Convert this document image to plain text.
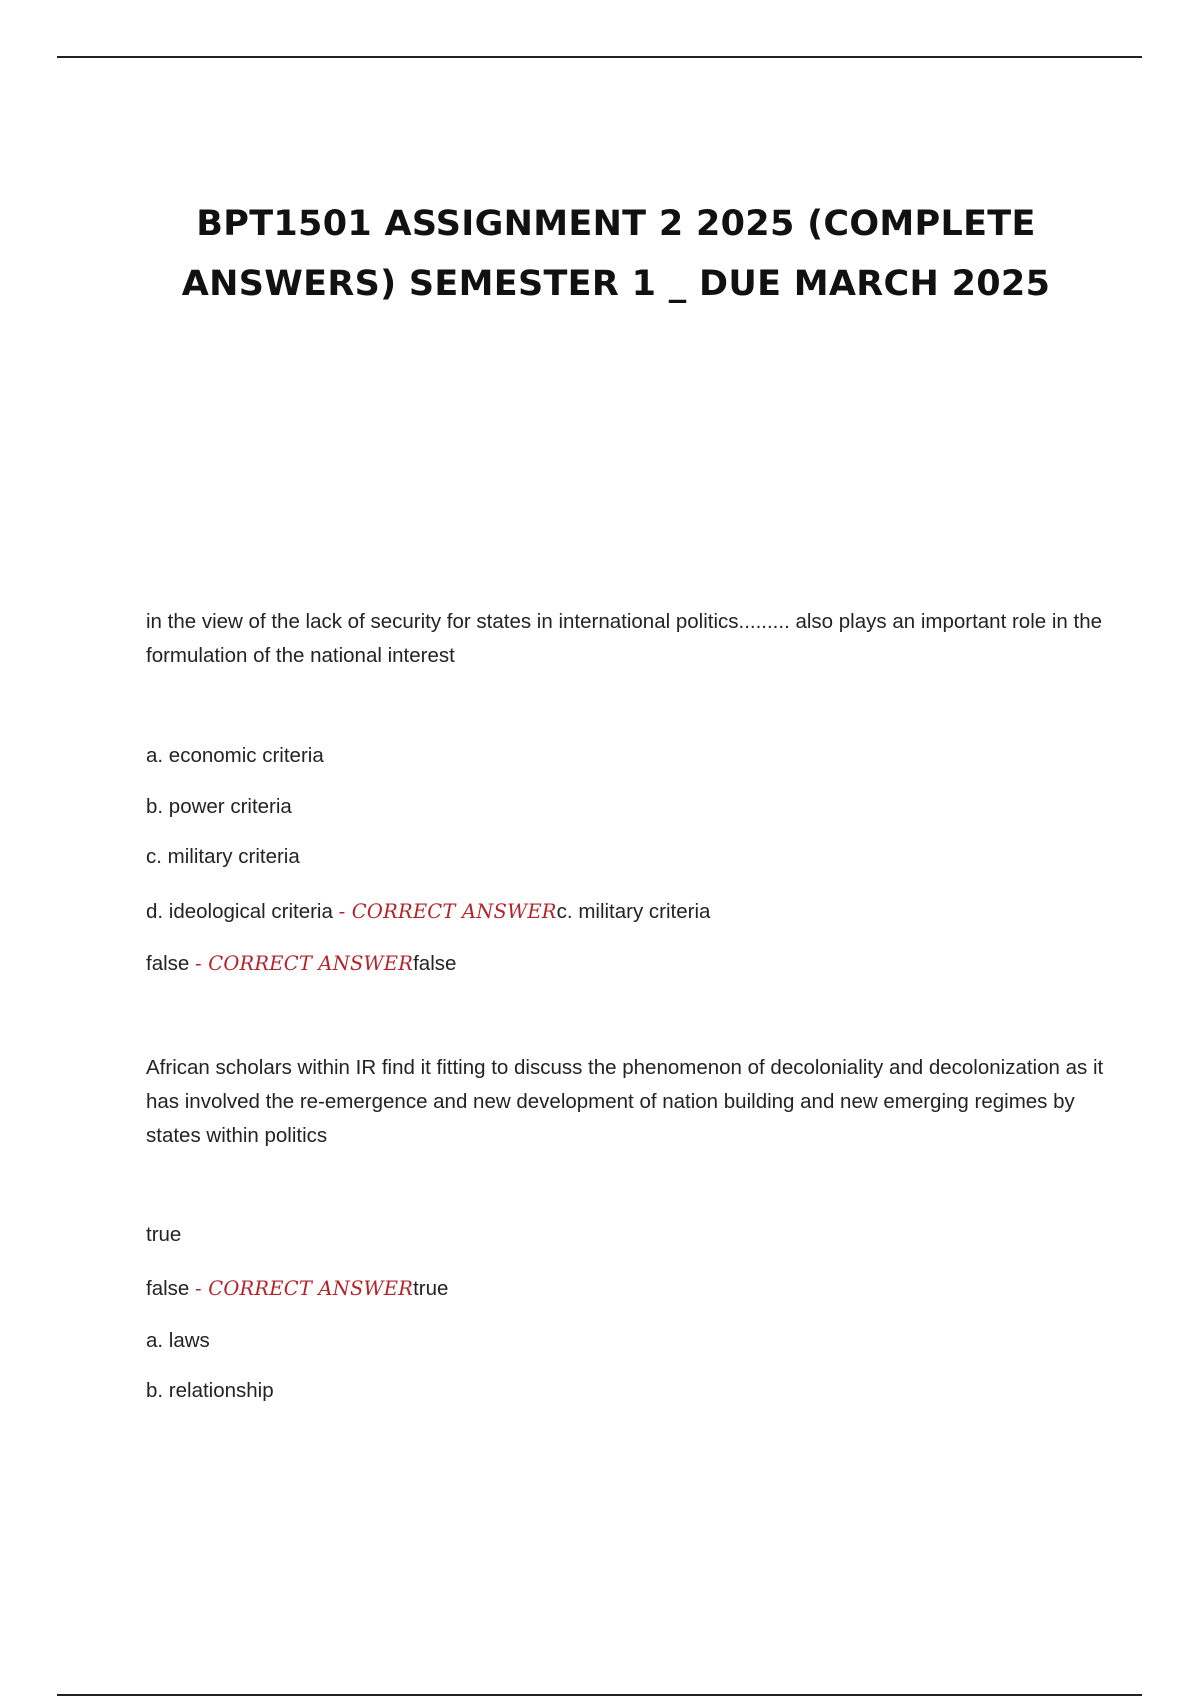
BPT1501 ASSIGNMENT 2 2025 (COMPLETE
ANSWERS) SEMESTER 1 _ DUE MARCH 2025

in the view of the lack of security for states in international politics......... also plays an important role in the formulation of the national interest

a. economic criteria

b. power criteria

c. military criteria

d. ideological criteria - CORRECT ANSWERc. military criteria

false - CORRECT ANSWERfalse

African scholars within IR find it fitting to discuss the phenomenon of decoloniality and decolonization as it has involved the re-emergence and new development of nation building and new emerging regimes by states within politics

true

false - CORRECT ANSWERtrue

a. laws

b. relationship
